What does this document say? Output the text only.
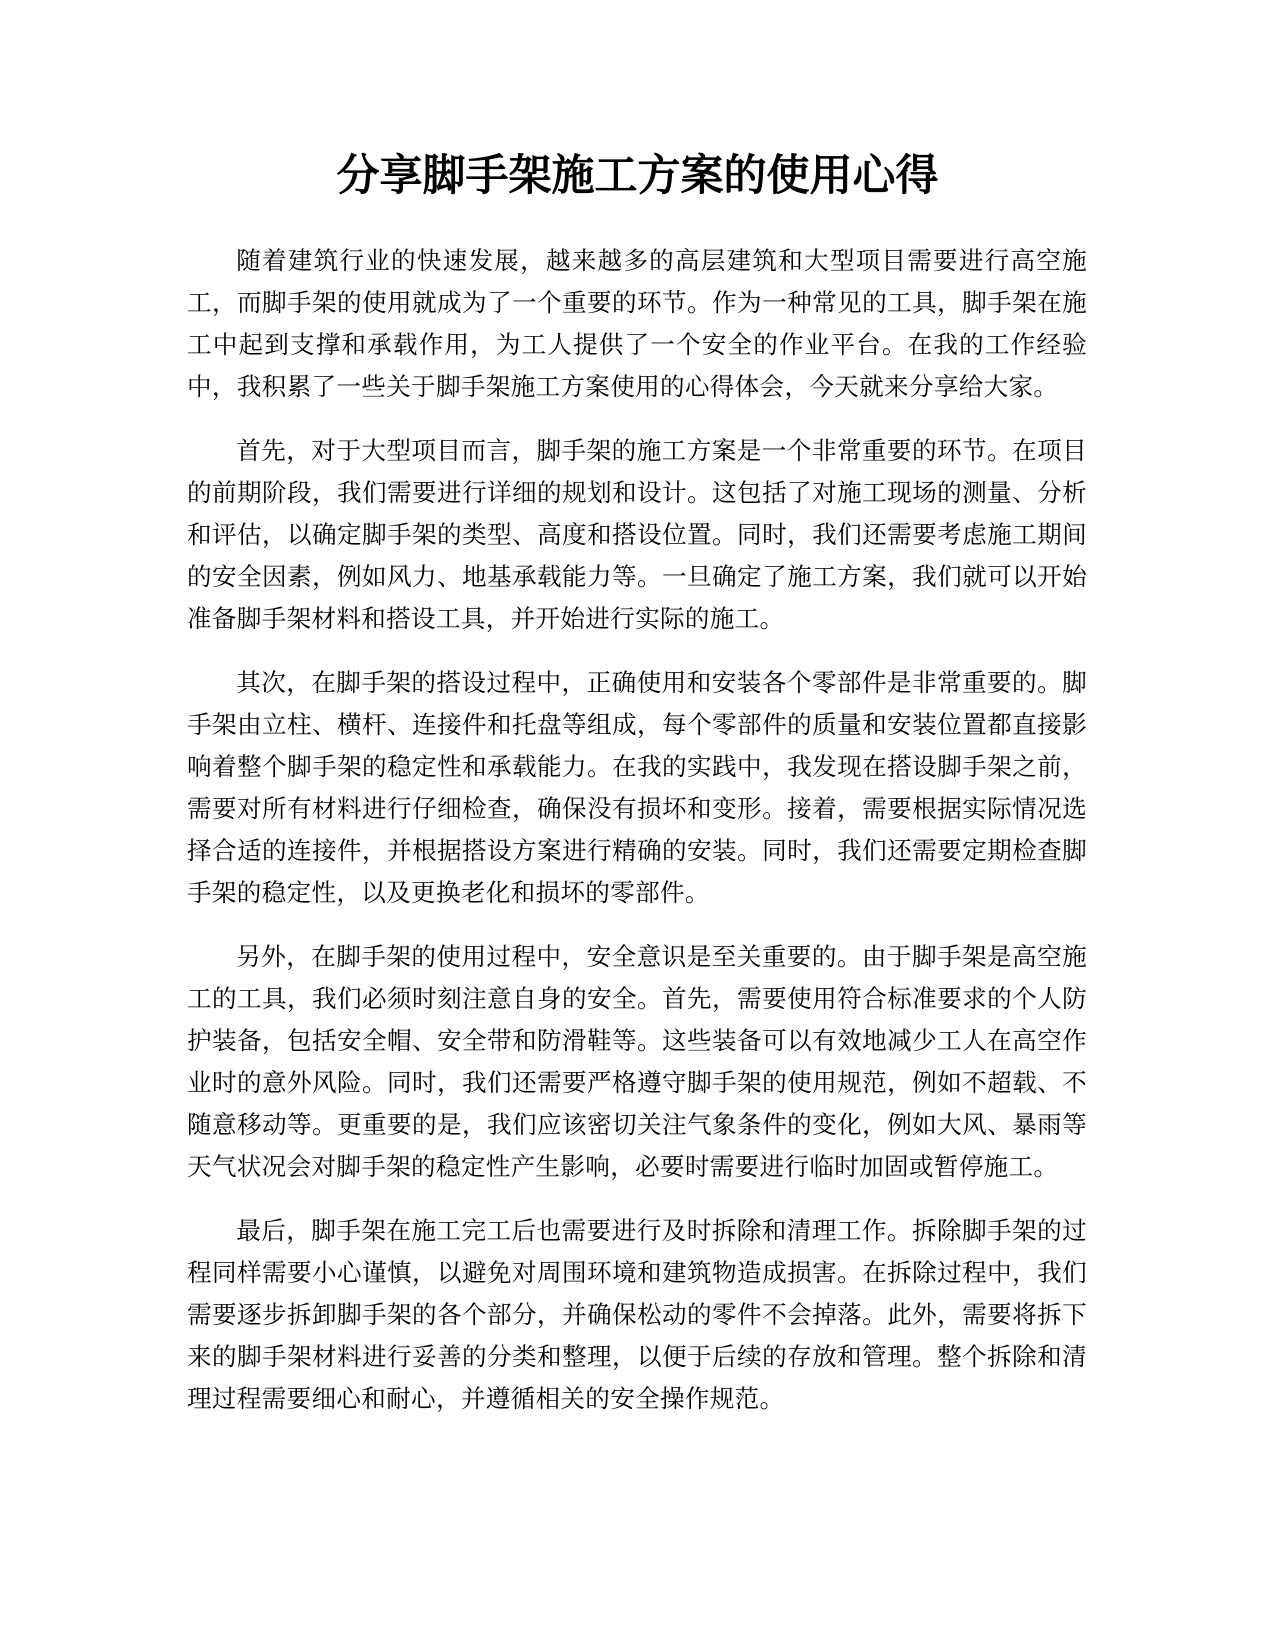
分享脚手架施工方案的使用心得

随着建筑行业的快速发展，越来越多的高层建筑和大型项目需要进行高空施工，而脚手架的使用就成为了一个重要的环节。作为一种常见的工具，脚手架在施工中起到支撑和承载作用，为工人提供了一个安全的作业平台。在我的工作经验中，我积累了一些关于脚手架施工方案使用的心得体会，今天就来分享给大家。

首先，对于大型项目而言，脚手架的施工方案是一个非常重要的环节。在项目的前期阶段，我们需要进行详细的规划和设计。这包括了对施工现场的测量、分析和评估，以确定脚手架的类型、高度和搭设位置。同时，我们还需要考虑施工期间的安全因素，例如风力、地基承载能力等。一旦确定了施工方案，我们就可以开始准备脚手架材料和搭设工具，并开始进行实际的施工。

其次，在脚手架的搭设过程中，正确使用和安装各个零部件是非常重要的。脚手架由立柱、横杆、连接件和托盘等组成，每个零部件的质量和安装位置都直接影响着整个脚手架的稳定性和承载能力。在我的实践中，我发现在搭设脚手架之前，需要对所有材料进行仔细检查，确保没有损坏和变形。接着，需要根据实际情况选择合适的连接件，并根据搭设方案进行精确的安装。同时，我们还需要定期检查脚手架的稳定性，以及更换老化和损坏的零部件。

另外，在脚手架的使用过程中，安全意识是至关重要的。由于脚手架是高空施工的工具，我们必须时刻注意自身的安全。首先，需要使用符合标准要求的个人防护装备，包括安全帽、安全带和防滑鞋等。这些装备可以有效地减少工人在高空作业时的意外风险。同时，我们还需要严格遵守脚手架的使用规范，例如不超载、不随意移动等。更重要的是，我们应该密切关注气象条件的变化，例如大风、暴雨等天气状况会对脚手架的稳定性产生影响，必要时需要进行临时加固或暂停施工。

最后，脚手架在施工完工后也需要进行及时拆除和清理工作。拆除脚手架的过程同样需要小心谨慎，以避免对周围环境和建筑物造成损害。在拆除过程中，我们需要逐步拆卸脚手架的各个部分，并确保松动的零件不会掉落。此外，需要将拆下来的脚手架材料进行妥善的分类和整理，以便于后续的存放和管理。整个拆除和清理过程需要细心和耐心，并遵循相关的安全操作规范。
